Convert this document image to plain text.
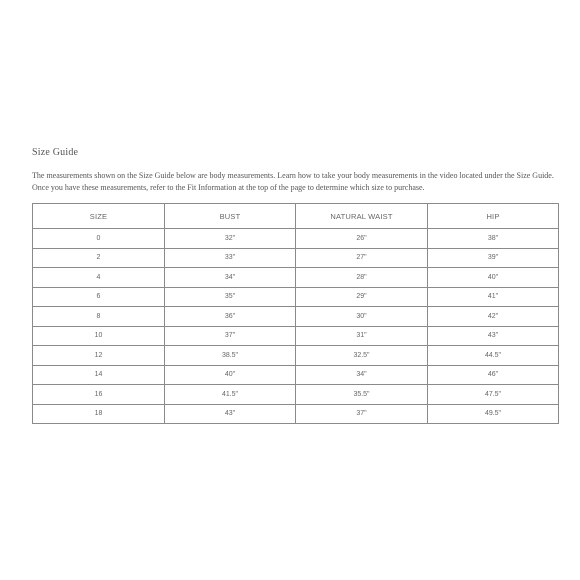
Size Guide
The measurements shown on the Size Guide below are body measurements. Learn how to take your body measurements in the video located under the Size Guide.
Once you have these measurements, refer to the Fit Information at the top of the page to determine which size to purchase.
SIZE	BUST	NATURAL WAIST	HIP
0	32"	26"	38"
2	33"	27"	39"
4	34"	28"	40"
6	35"	29"	41"
8	36"	30"	42"
10	37"	31"	43"
12	38.5"	32.5"	44.5"
14	40"	34"	46"
16	41.5"	35.5"	47.5"
18	43"	37"	49.5"
